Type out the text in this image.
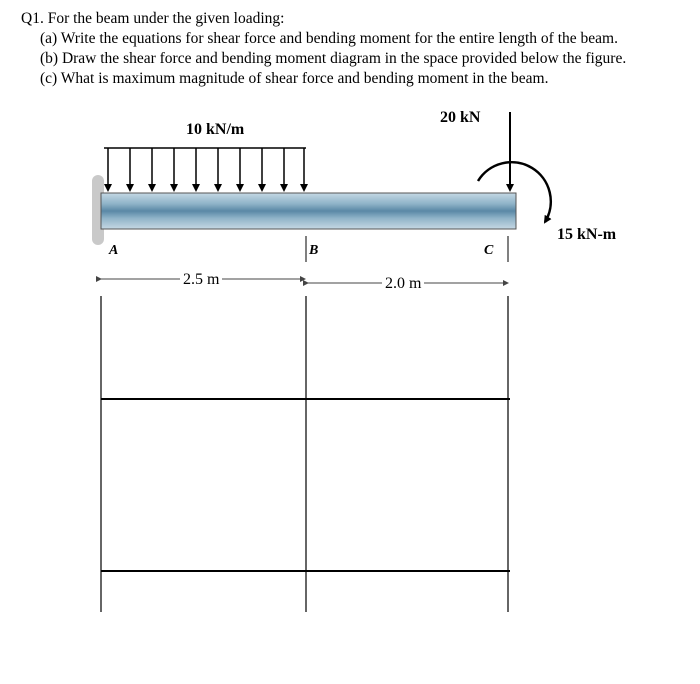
Q1. For the beam under the given loading:
(a) Write the equations for shear force and bending moment for the entire length of the beam.
(b) Draw the shear force and bending moment diagram in the space provided below the figure.
(c) What is maximum magnitude of shear force and bending moment in the beam.
10 kN/m
20 kN
15 kN-m
A	B	C
2.5 m	2.0 m
